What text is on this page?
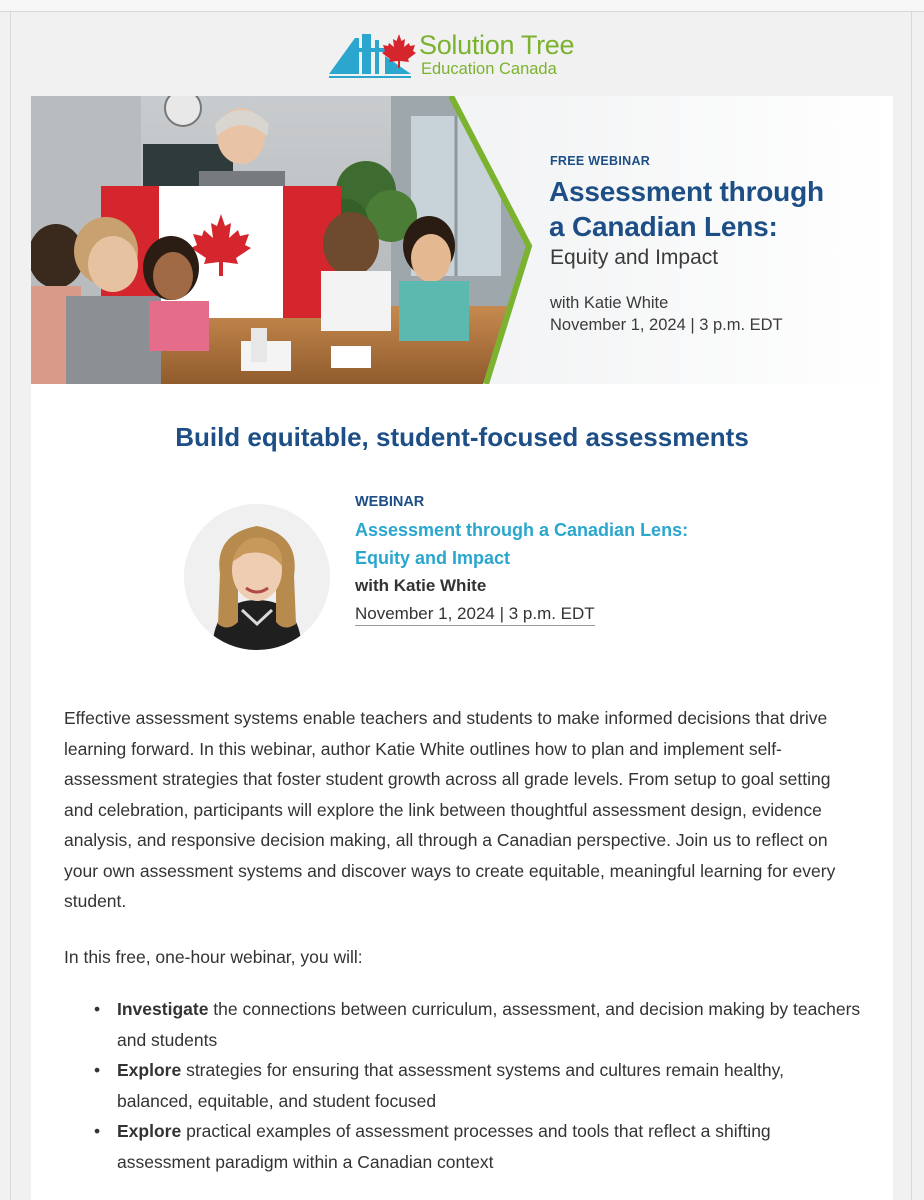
Solution Tree
Education Canada
FREE WEBINAR
Assessment through
a Canadian Lens:
Equity and Impact
with Katie White
November 1, 2024 | 3 p.m. EDT
Build equitable, student-focused assessments
WEBINAR
Assessment through a Canadian Lens:
Equity and Impact
with Katie White
November 1, 2024 | 3 p.m. EDT

Effective assessment systems enable teachers and students to make informed decisions that drive learning forward. In this webinar, author Katie White outlines how to plan and implement self-assessment strategies that foster student growth across all grade levels. From setup to goal setting and celebration, participants will explore the link between thoughtful assessment design, evidence analysis, and responsive decision making, all through a Canadian perspective. Join us to reflect on your own assessment systems and discover ways to create equitable, meaningful learning for every student.

In this free, one-hour webinar, you will:

• Investigate the connections between curriculum, assessment, and decision making by teachers and students
• Explore strategies for ensuring that assessment systems and cultures remain healthy, balanced, equitable, and student focused
• Explore practical examples of assessment processes and tools that reflect a shifting assessment paradigm within a Canadian context
